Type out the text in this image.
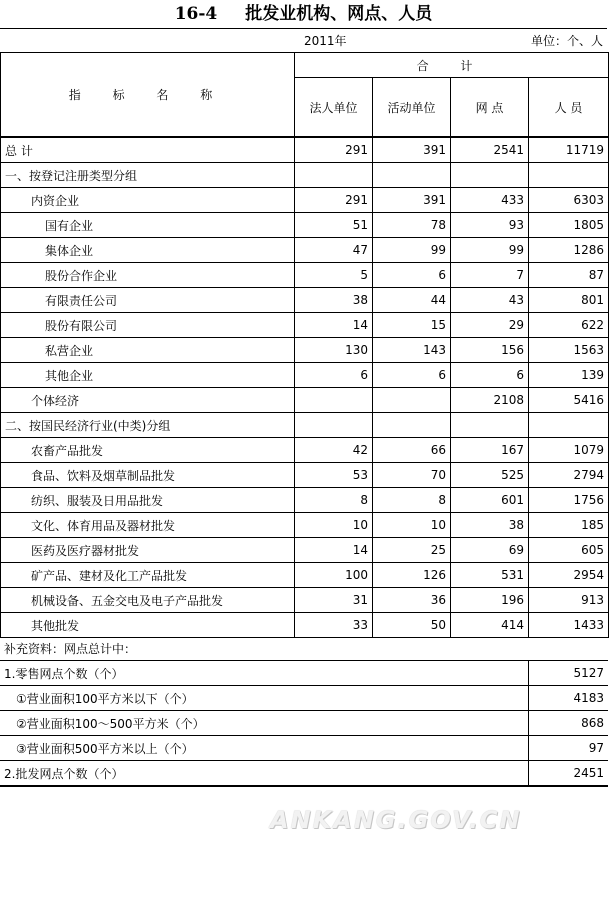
16-4 批发业机构、网点、人员
2011年	单位：个、人
指 标 名 称	合 计			
	法人单位	活动单位	网 点	人 员
总 计	291	391	2541	11719
一、按登记注册类型分组				
内资企业	291	391	433	6303
国有企业	51	78	93	1805
集体企业	47	99	99	1286
股份合作企业	5	6	7	87
有限责任公司	38	44	43	801
股份有限公司	14	15	29	622
私营企业	130	143	156	1563
其他企业	6	6	6	139
个体经济			2108	5416
二、按国民经济行业(中类)分组				
农畜产品批发	42	66	167	1079
食品、饮料及烟草制品批发	53	70	525	2794
纺织、服装及日用品批发	8	8	601	1756
文化、体育用品及器材批发	10	10	38	185
医药及医疗器材批发	14	25	69	605
矿产品、建材及化工产品批发	100	126	531	2954
机械设备、五金交电及电子产品批发	31	36	196	913
其他批发	33	50	414	1433
补充资料：网点总计中：	
1.零售网点个数（个）	5127
①营业面积100平方米以下（个）	4183
②营业面积100～500平方米（个）	868
③营业面积500平方米以上（个）	97
2.批发网点个数（个）	2451
ANKANG.GOV.CN
